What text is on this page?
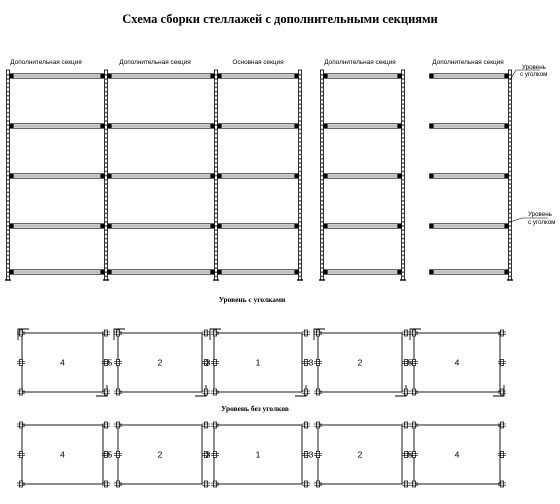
Схема сборки стеллажей с дополнительными секциями
Дополнительная секция	Дополнительная секция	Основная секция	Дополнительная секция	Дополнительная секция
Уровень
с уголком
Уровень
с уголком
Уровень с уголками
4	2	1	2	4
5	3	3	5
Уровень без уголков
4	2	1	2	4
5	3	3	5
